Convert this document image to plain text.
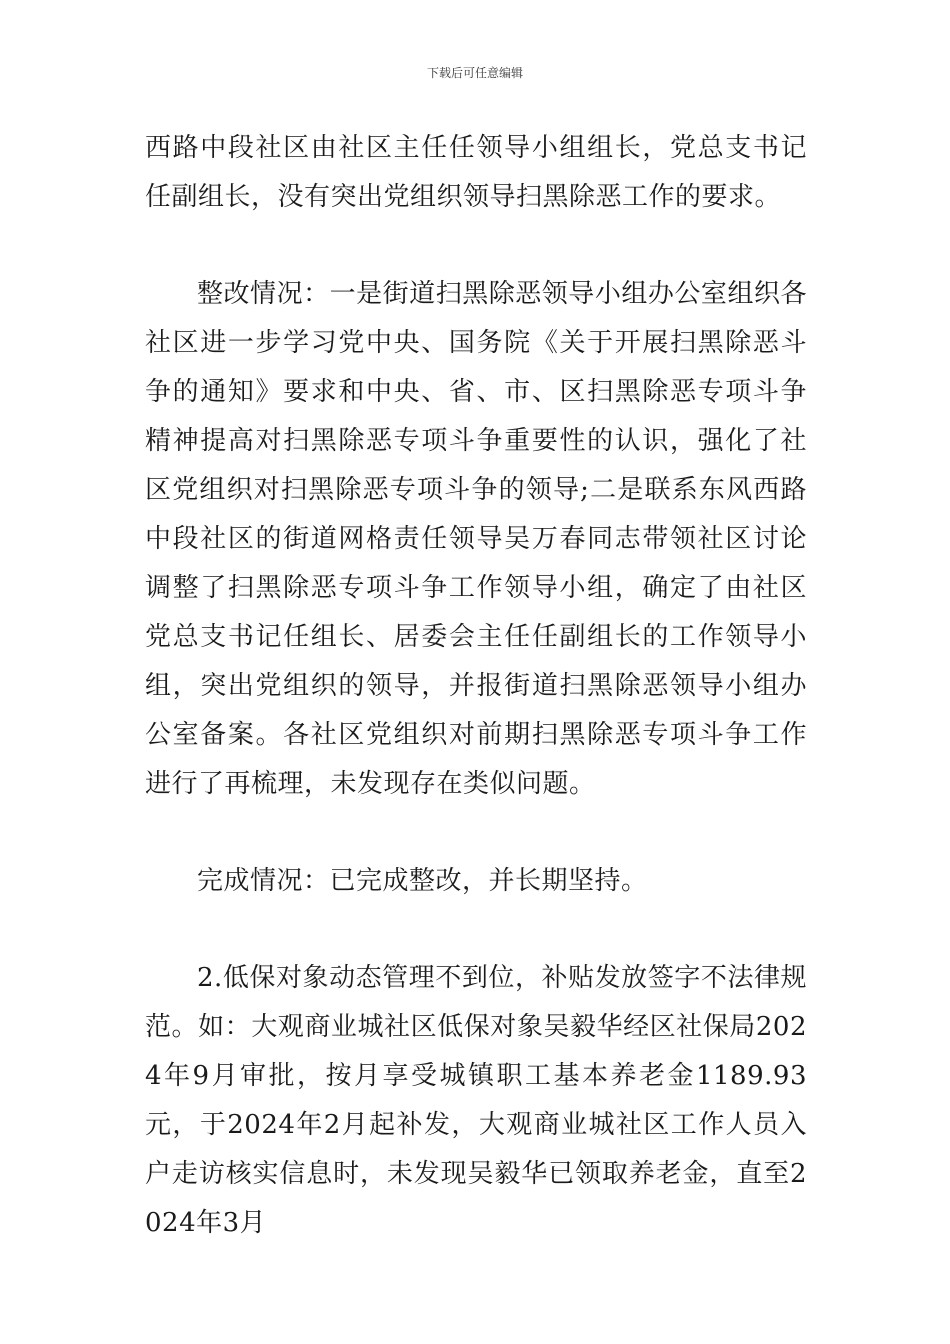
下载后可任意编辑

西路中段社区由社区主任任领导小组组长，党总支书记任副组长，没有突出党组织领导扫黑除恶工作的要求。

整改情况：一是街道扫黑除恶领导小组办公室组织各社区进一步学习党中央、国务院《关于开展扫黑除恶斗争的通知》要求和中央、省、市、区扫黑除恶专项斗争精神提高对扫黑除恶专项斗争重要性的认识，强化了社区党组织对扫黑除恶专项斗争的领导;二是联系东风西路中段社区的街道网格责任领导吴万春同志带领社区讨论调整了扫黑除恶专项斗争工作领导小组，确定了由社区党总支书记任组长、居委会主任任副组长的工作领导小组，突出党组织的领导，并报街道扫黑除恶领导小组办公室备案。各社区党组织对前期扫黑除恶专项斗争工作进行了再梳理，未发现存在类似问题。

完成情况：已完成整改，并长期坚持。

2.低保对象动态管理不到位，补贴发放签字不法律规范。如：大观商业城社区低保对象吴毅华经区社保局2024年9月审批，按月享受城镇职工基本养老金1189.93元，于2024年2月起补发，大观商业城社区工作人员入户走访核实信息时，未发现吴毅华已领取养老金，直至2024年3月
